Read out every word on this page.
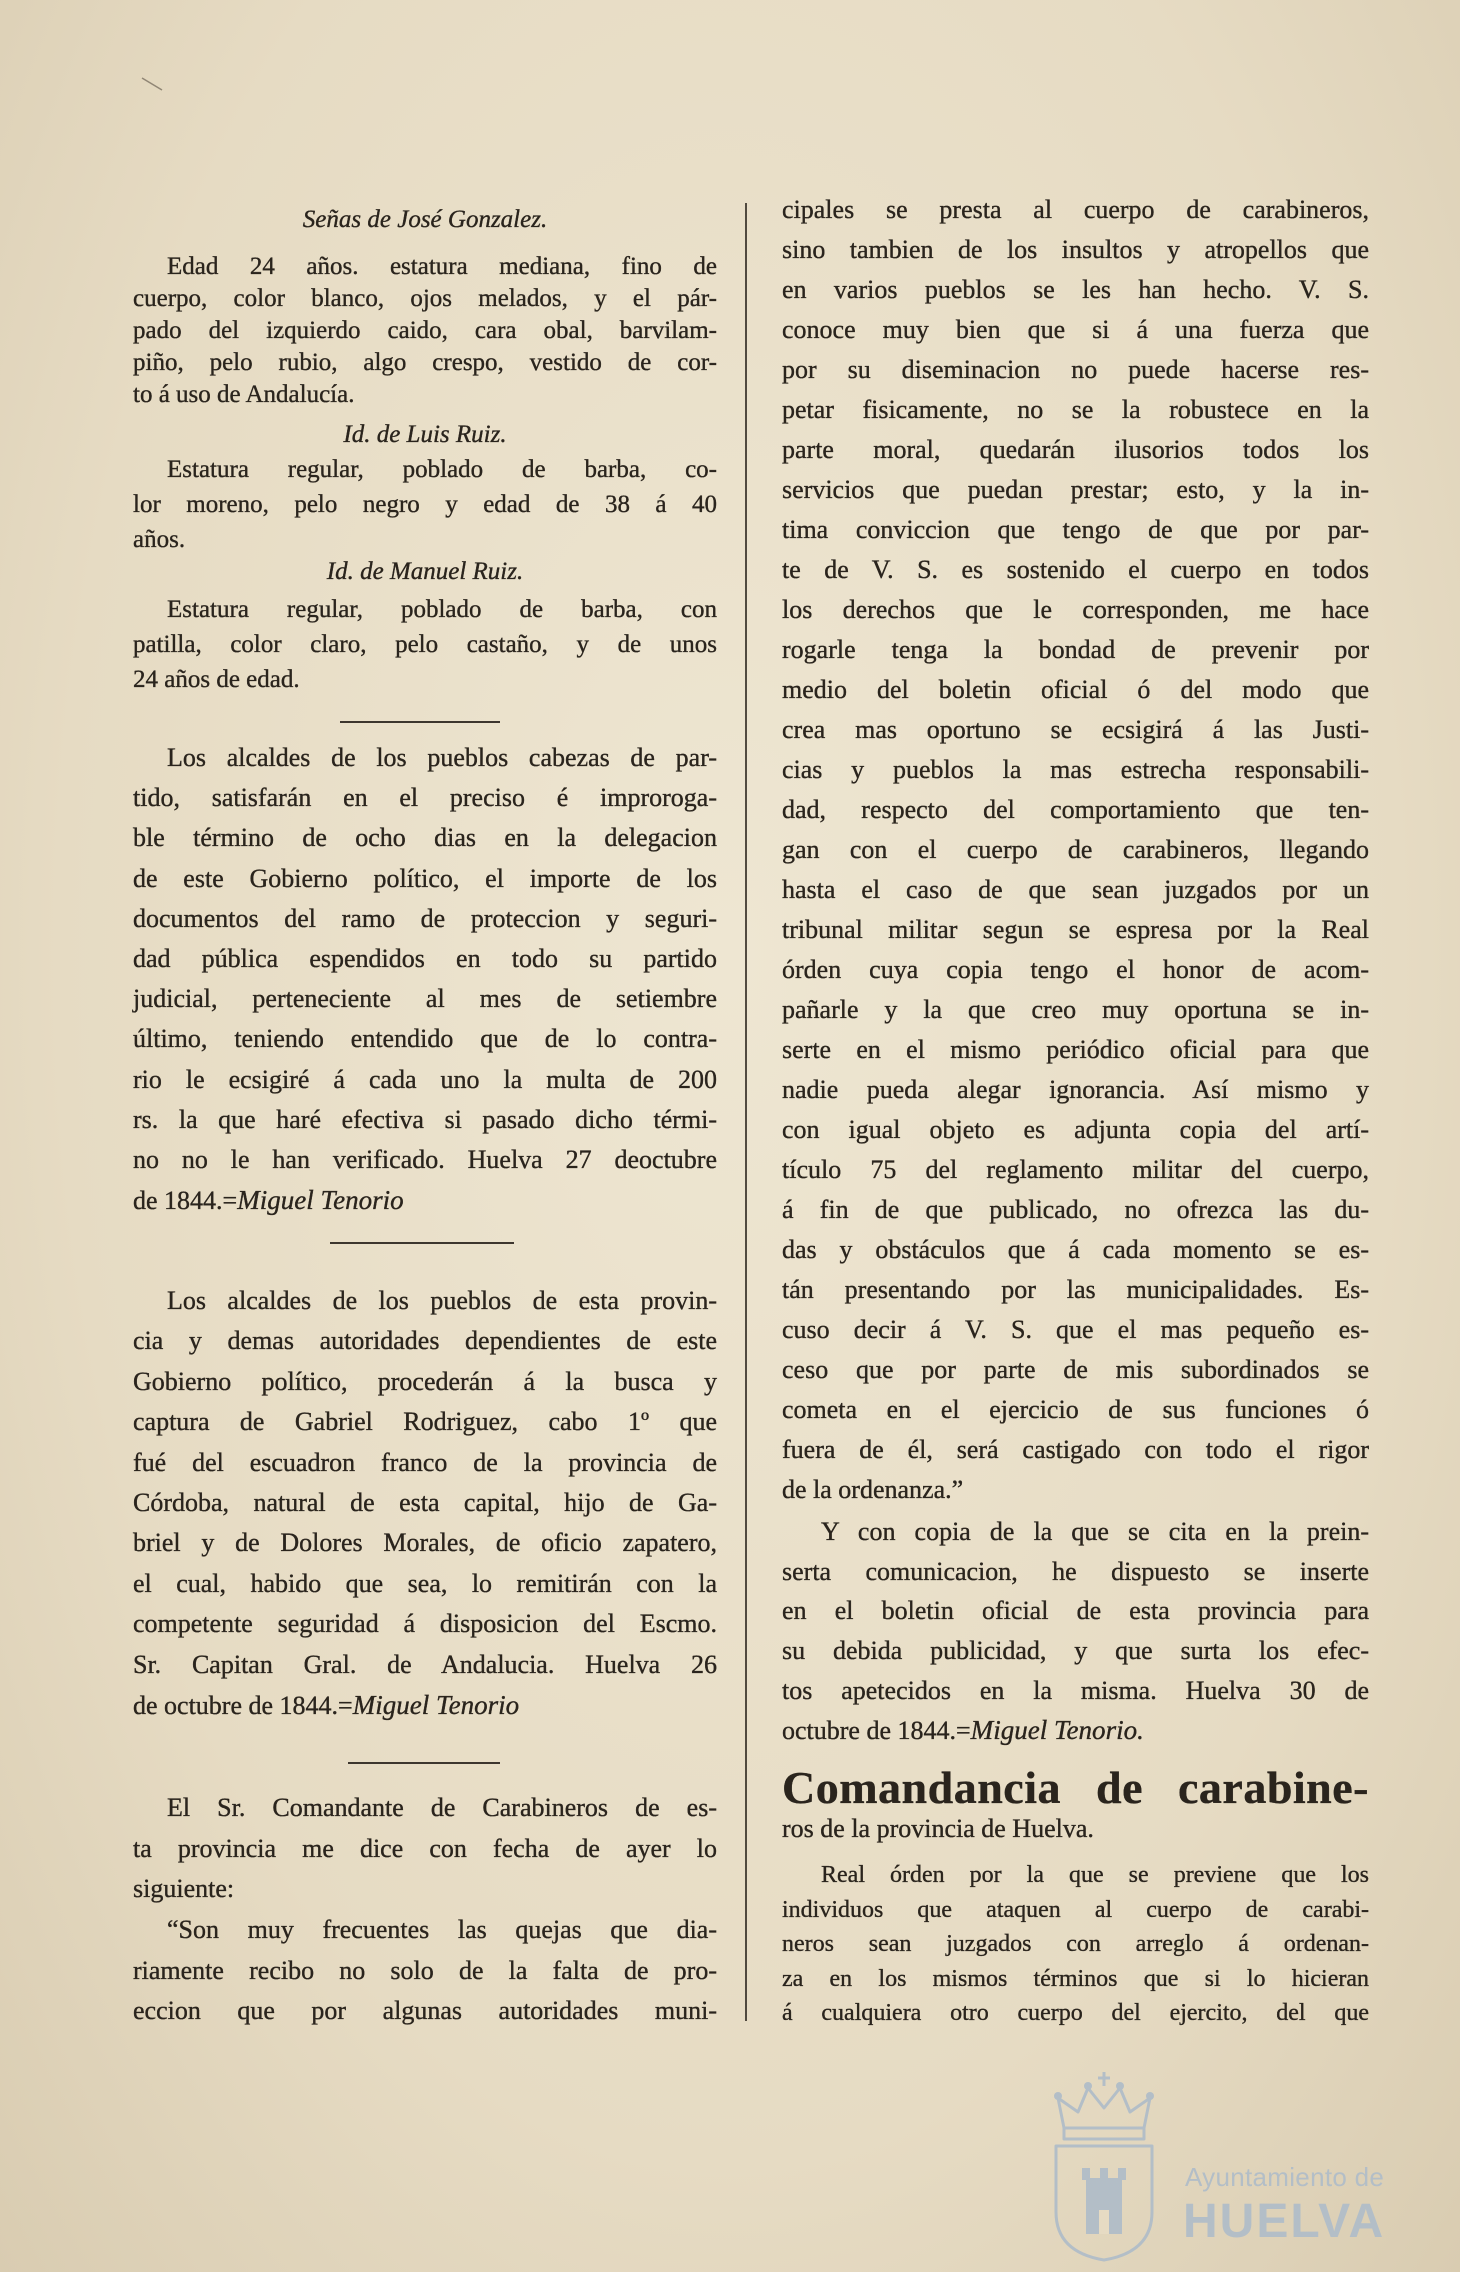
Señas de José Gonzalez.
Edad 24 años. estatura mediana, fino de
cuerpo, color blanco, ojos melados, y el pár-
pado del izquierdo caido, cara obal, barvilam-
piño, pelo rubio, algo crespo, vestido de cor-
to á uso de Andalucía.
Id. de Luis Ruiz.
Estatura regular, poblado de barba, co-
lor moreno, pelo negro y edad de 38 á 40
años.
Id. de Manuel Ruiz.
Estatura regular, poblado de barba, con
patilla, color claro, pelo castaño, y de unos
24 años de edad.
Los alcaldes de los pueblos cabezas de par-
tido, satisfarán en el preciso é improroga-
ble término de ocho dias en la delegacion
de este Gobierno político, el importe de los
documentos del ramo de proteccion y seguri-
dad pública espendidos en todo su partido
judicial, perteneciente al mes de setiembre
último, teniendo entendido que de lo contra-
rio le ecsigiré á cada uno la multa de 200
rs. la que haré efectiva si pasado dicho térmi-
no no le han verificado. Huelva 27 deoctubre
de 1844.=Miguel Tenorio
Los alcaldes de los pueblos de esta provin-
cia y demas autoridades dependientes de este
Gobierno político, procederán á la busca y
captura de Gabriel Rodriguez, cabo 1º que
fué del escuadron franco de la provincia de
Córdoba, natural de esta capital, hijo de Ga-
briel y de Dolores Morales, de oficio zapatero,
el cual, habido que sea, lo remitirán con la
competente seguridad á disposicion del Escmo.
Sr. Capitan Gral. de Andalucia. Huelva 26
de octubre de 1844.=Miguel Tenorio
El Sr. Comandante de Carabineros de es-
ta provincia me dice con fecha de ayer lo
siguiente:
“Son muy frecuentes las quejas que dia-
riamente recibo no solo de la falta de pro-
eccion que por algunas autoridades muni-
cipales se presta al cuerpo de carabineros,
sino tambien de los insultos y atropellos que
en varios pueblos se les han hecho. V. S.
conoce muy bien que si á una fuerza que
por su diseminacion no puede hacerse res-
petar fisicamente, no se la robustece en la
parte moral, quedarán ilusorios todos los
servicios que puedan prestar; esto, y la in-
tima conviccion que tengo de que por par-
te de V. S. es sostenido el cuerpo en todos
los derechos que le corresponden, me hace
rogarle tenga la bondad de prevenir por
medio del boletin oficial ó del modo que
crea mas oportuno se ecsigirá á las Justi-
cias y pueblos la mas estrecha responsabili-
dad, respecto del comportamiento que ten-
gan con el cuerpo de carabineros, llegando
hasta el caso de que sean juzgados por un
tribunal militar segun se espresa por la Real
órden cuya copia tengo el honor de acom-
pañarle y la que creo muy oportuna se in-
serte en el mismo periódico oficial para que
nadie pueda alegar ignorancia. Así mismo y
con igual objeto es adjunta copia del artí-
tículo 75 del reglamento militar del cuerpo,
á fin de que publicado, no ofrezca las du-
das y obstáculos que á cada momento se es-
tán presentando por las municipalidades. Es-
cuso decir á V. S. que el mas pequeño es-
ceso que por parte de mis subordinados se
cometa en el ejercicio de sus funciones ó
fuera de él, será castigado con todo el rigor
de la ordenanza.”
Y con copia de la que se cita en la prein-
serta comunicacion, he dispuesto se inserte
en el boletin oficial de esta provincia para
su debida publicidad, y que surta los efec-
tos apetecidos en la misma. Huelva 30 de
octubre de 1844.=Miguel Tenorio.
Comandancia de carabine-
ros de la provincia de Huelva.
Real órden por la que se previene que los
individuos que ataquen al cuerpo de carabi-
neros sean juzgados con arreglo á ordenan-
za en los mismos términos que si lo hicieran
á cualquiera otro cuerpo del ejercito, del que
Ayuntamiento de
HUELVA
